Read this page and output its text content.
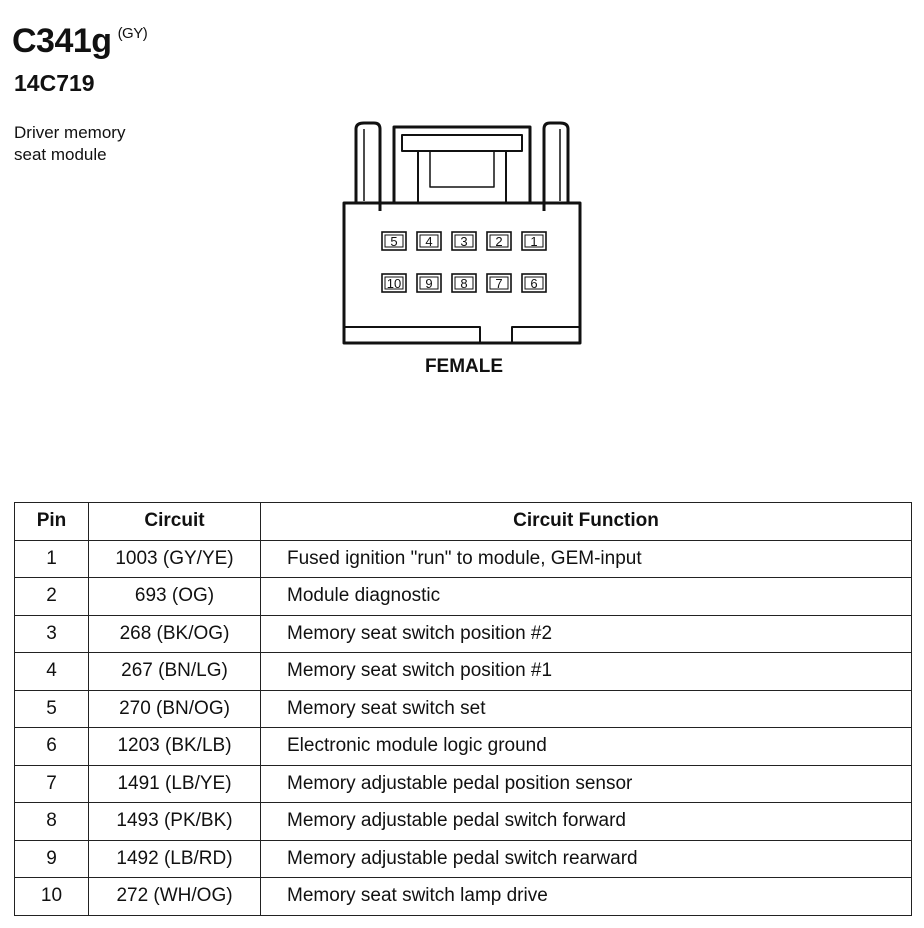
C341g $^{(GY)}$
14C719
Driver memory
seat module
5 4 3 2 1
10 9 8 7 6
FEMALE
Pin	Circuit	Circuit Function
1	1003 (GY/YE)	Fused ignition "run" to module, GEM-input
2	693 (OG)	Module diagnostic
3	268 (BK/OG)	Memory seat switch position #2
4	267 (BN/LG)	Memory seat switch position #1
5	270 (BN/OG)	Memory seat switch set
6	1203 (BK/LB)	Electronic module logic ground
7	1491 (LB/YE)	Memory adjustable pedal position sensor
8	1493 (PK/BK)	Memory adjustable pedal switch forward
9	1492 (LB/RD)	Memory adjustable pedal switch rearward
10	272 (WH/OG)	Memory seat switch lamp drive
